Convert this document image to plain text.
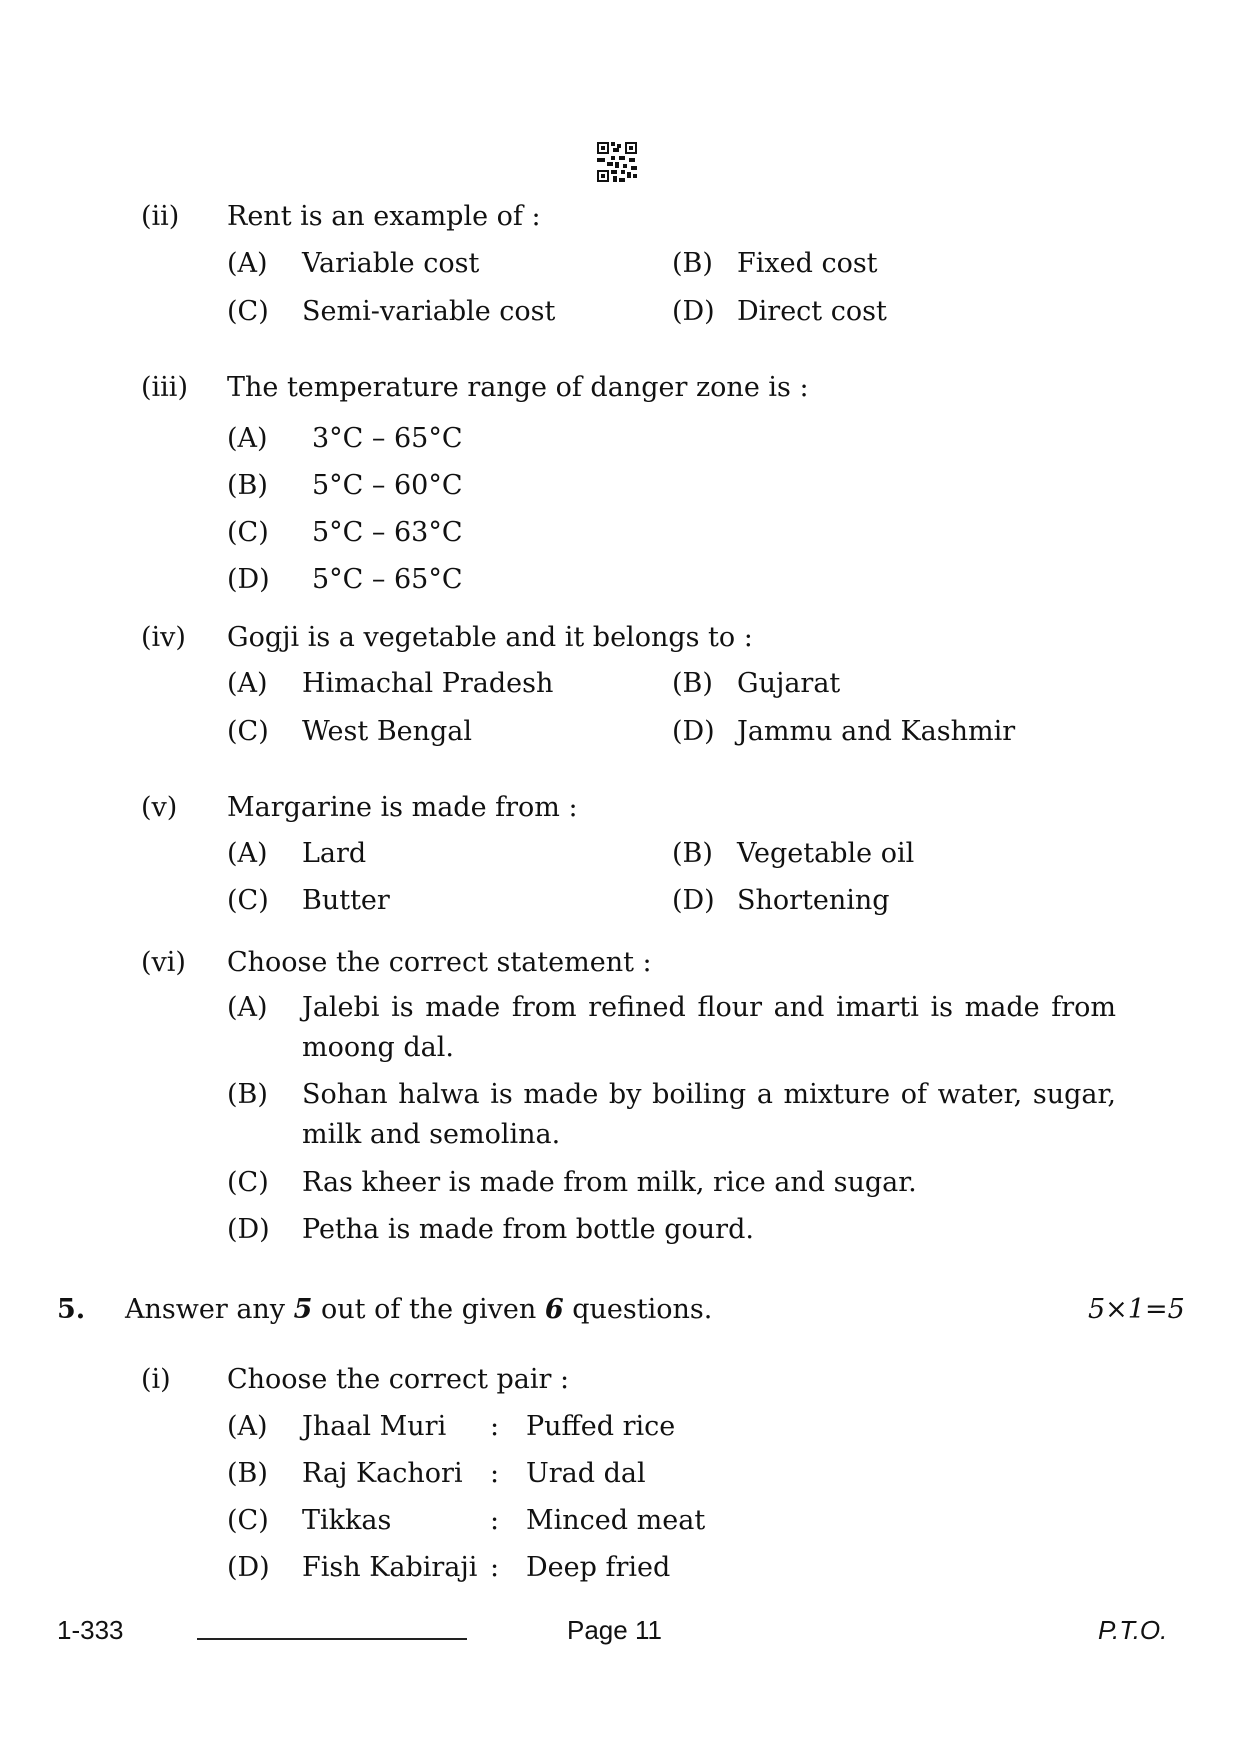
(ii) Rent is an example of :
(A) Variable cost	(B) Fixed cost
(C) Semi-variable cost	(D) Direct cost
(iii) The temperature range of danger zone is :
(A) 3°C – 65°C
(B) 5°C – 60°C
(C) 5°C – 63°C
(D) 5°C – 65°C
(iv) Gogji is a vegetable and it belongs to :
(A) Himachal Pradesh	(B) Gujarat
(C) West Bengal	(D) Jammu and Kashmir
(v) Margarine is made from :
(A) Lard	(B) Vegetable oil
(C) Butter	(D) Shortening
(vi) Choose the correct statement :
(A) Jalebi is made from refined flour and imarti is made from moong dal.
(B) Sohan halwa is made by boiling a mixture of water, sugar, milk and semolina.
(C) Ras kheer is made from milk, rice and sugar.
(D) Petha is made from bottle gourd.
5. Answer any 5 out of the given 6 questions.	5×1=5
(i) Choose the correct pair :
(A) Jhaal Muri : Puffed rice
(B) Raj Kachori : Urad dal
(C) Tikkas	: Minced meat
(D) Fish Kabiraji : Deep fried
1-333	Page 11	P.T.O.
